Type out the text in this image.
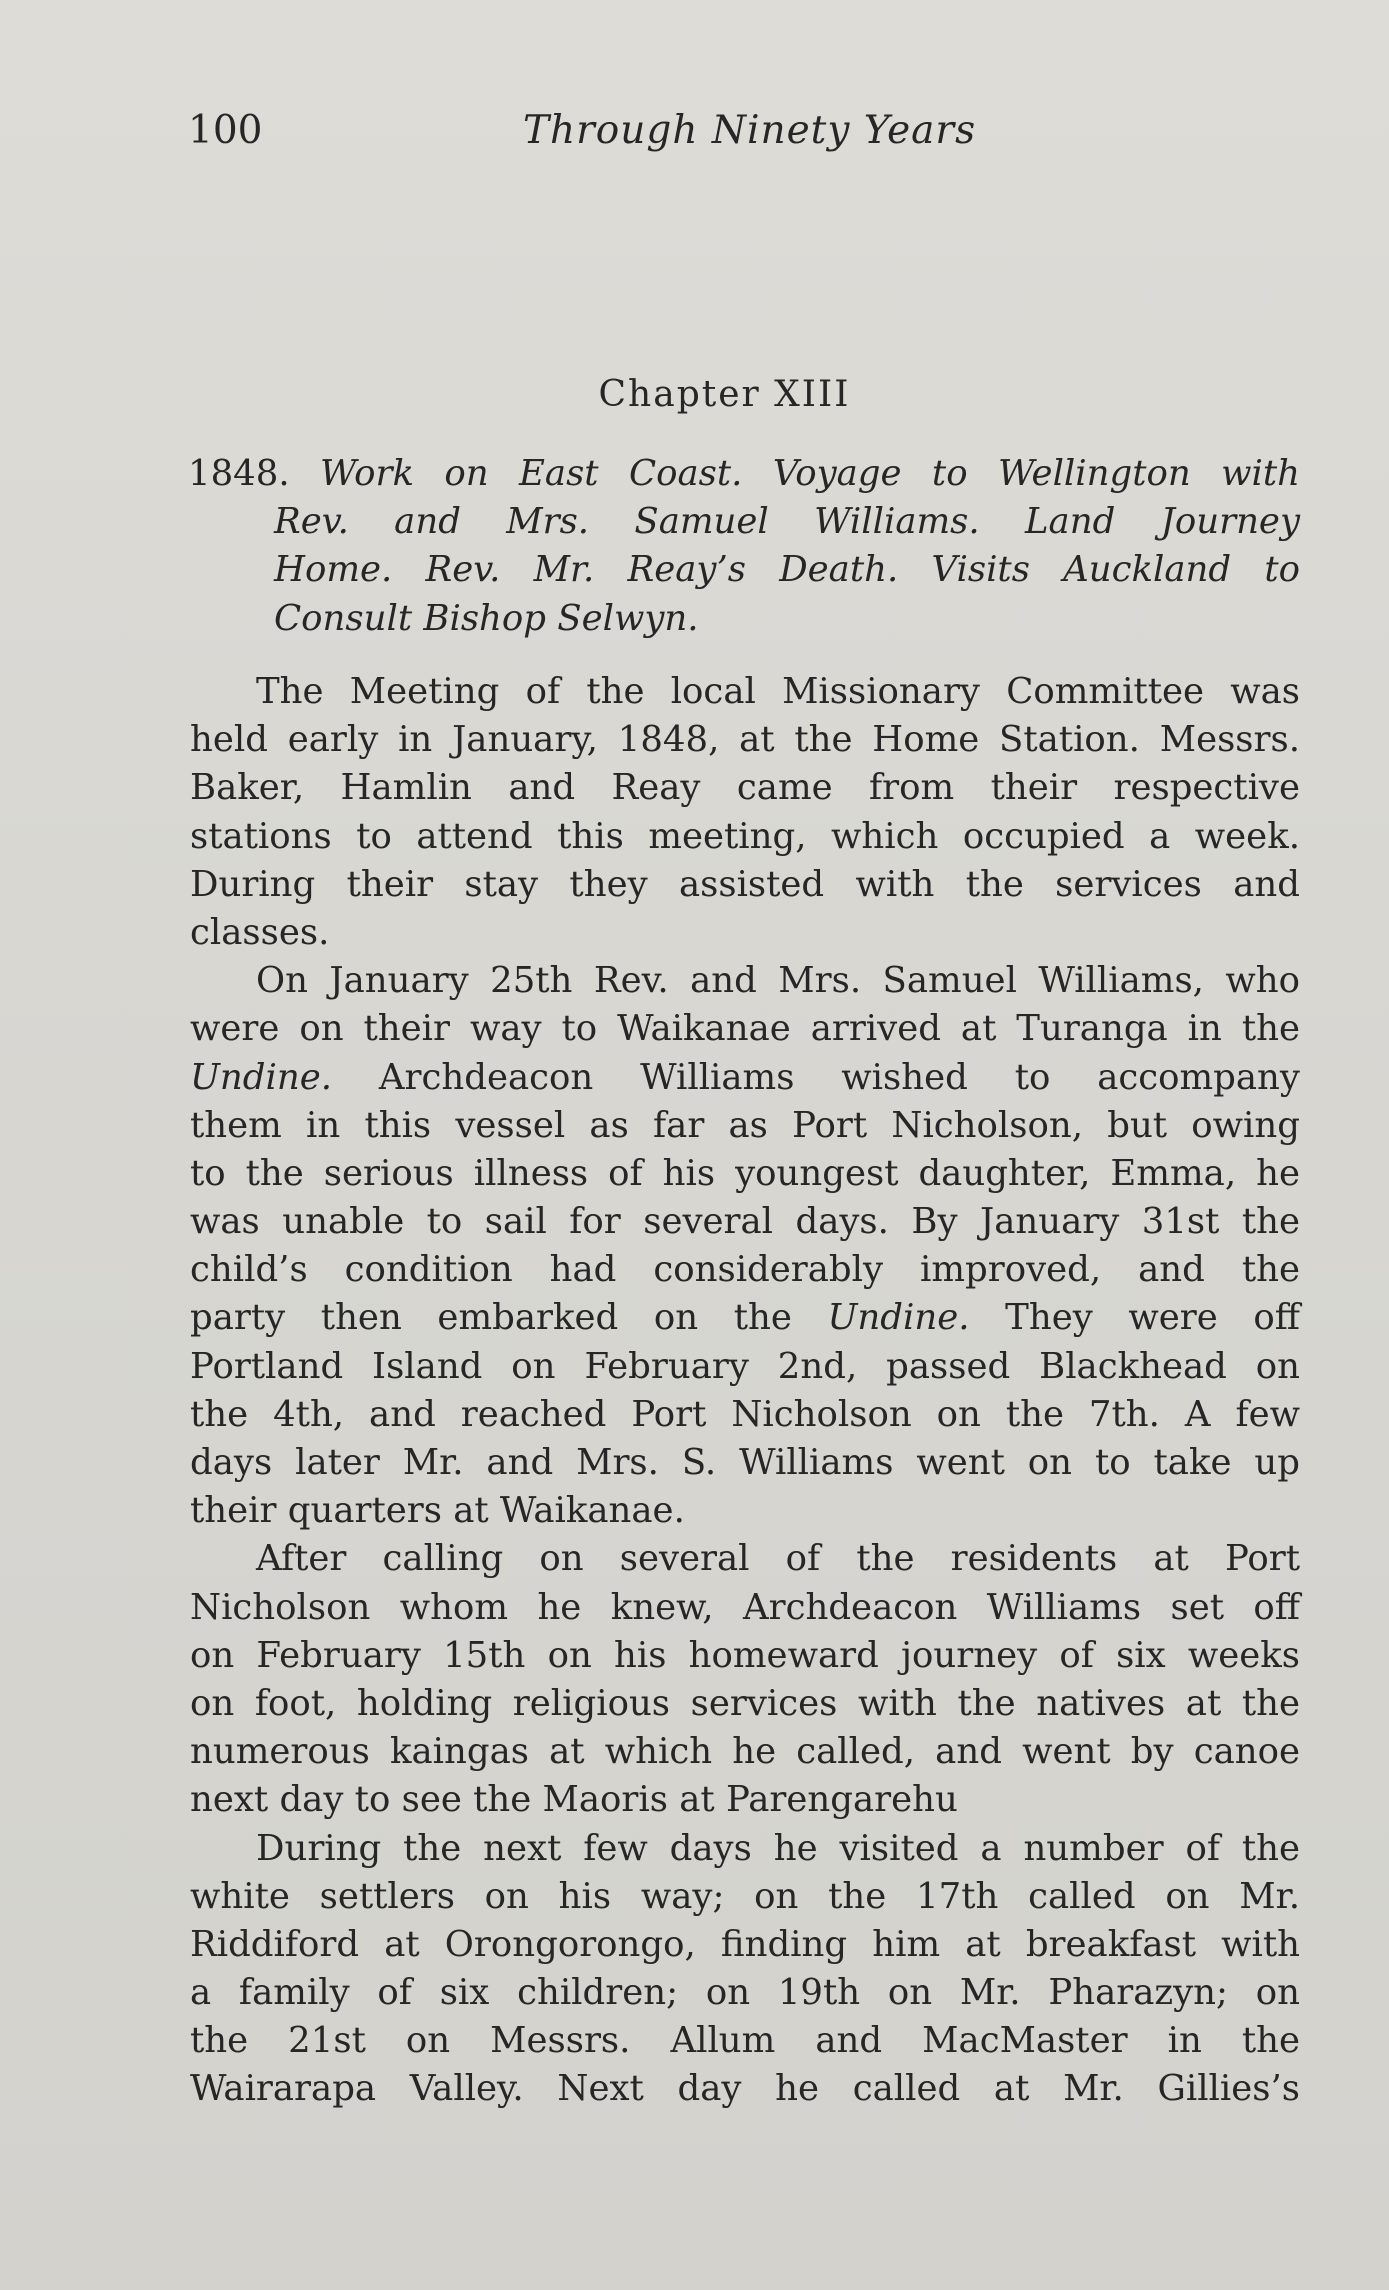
100	Through Ninety Years
Chapter XIII
1848. Work on East Coast. Voyage to Wellington with
Rev. and Mrs. Samuel Williams. Land Journey
Home. Rev. Mr. Reay’s Death. Visits Auckland to
Consult Bishop Selwyn.
The Meeting of the local Missionary Committee was
held early in January, 1848, at the Home Station. Messrs.
Baker, Hamlin and Reay came from their respective
stations to attend this meeting, which occupied a week.
During their stay they assisted with the services and
classes.
On January 25th Rev. and Mrs. Samuel Williams, who
were on their way to Waikanae arrived at Turanga in the
Undine. Archdeacon Williams wished to accompany
them in this vessel as far as Port Nicholson, but owing
to the serious illness of his youngest daughter, Emma, he
was unable to sail for several days. By January 31st the
child’s condition had considerably improved, and the
party then embarked on the Undine. They were off
Portland Island on February 2nd, passed Blackhead on
the 4th, and reached Port Nicholson on the 7th. A few
days later Mr. and Mrs. S. Williams went on to take up
their quarters at Waikanae.
After calling on several of the residents at Port
Nicholson whom he knew, Archdeacon Williams set off
on February 15th on his homeward journey of six weeks
on foot, holding religious services with the natives at the
numerous kaingas at which he called, and went by canoe
next day to see the Maoris at Parengarehu
During the next few days he visited a number of the
white settlers on his way; on the 17th called on Mr.
Riddiford at Orongorongo, finding him at breakfast with
a family of six children; on 19th on Mr. Pharazyn; on
the 21st on Messrs. Allum and MacMaster in the
Wairarapa Valley. Next day he called at Mr. Gillies’s
